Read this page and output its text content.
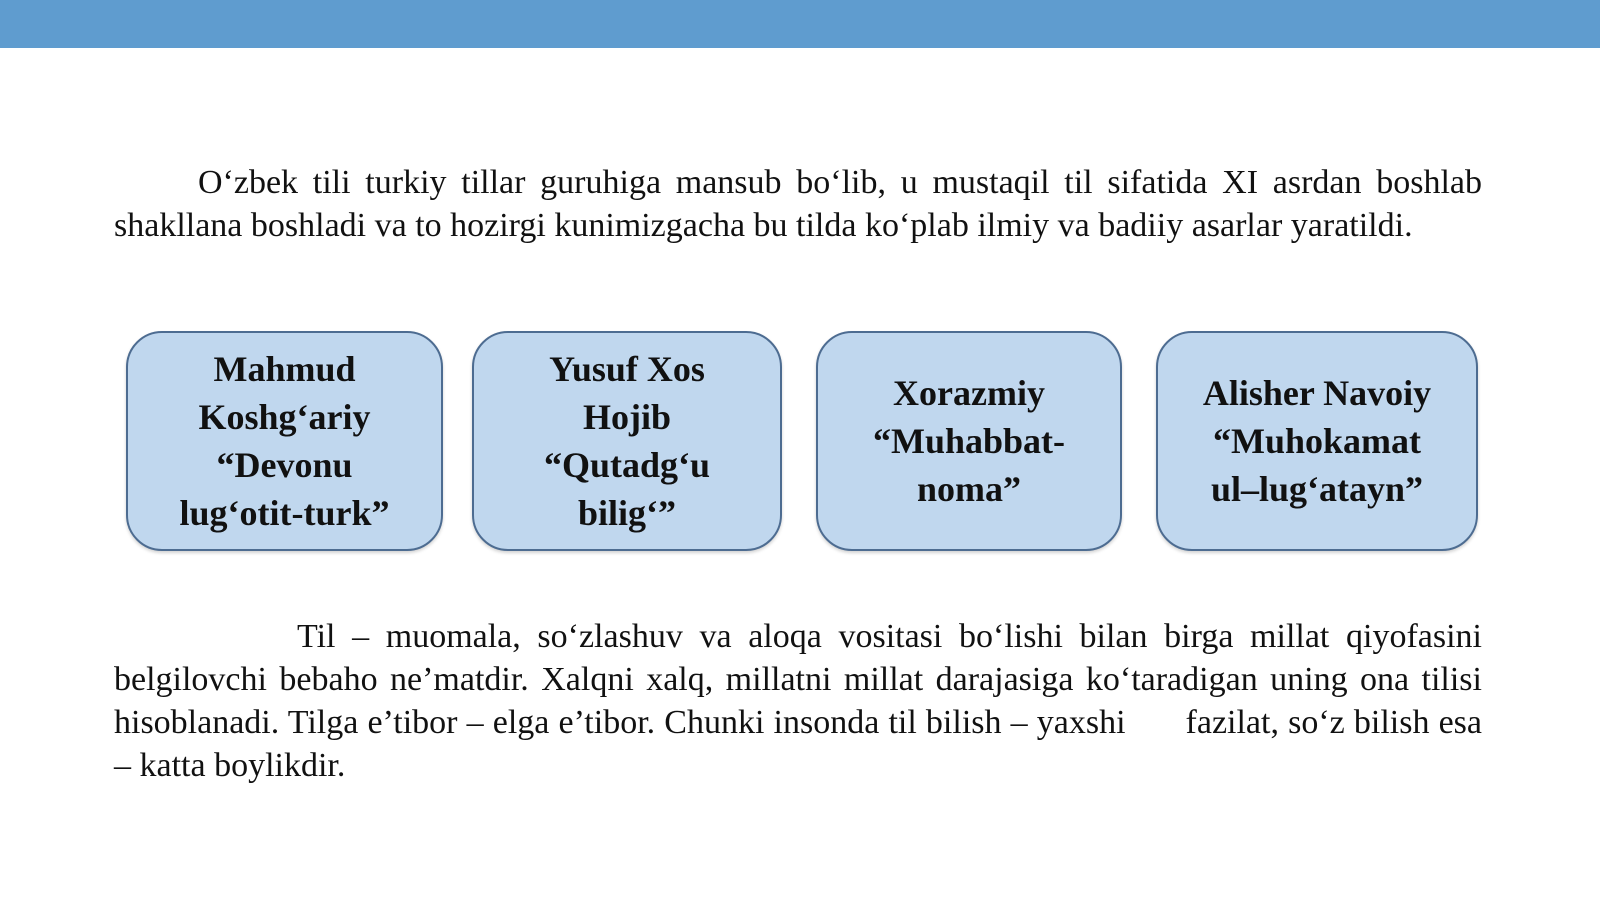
O‘zbek tili turkiy tillar guruhiga mansub bo‘lib, u mustaqil til sifatida XI asrdan boshlab shakllana boshladi va to hozirgi kunimizgacha bu tilda ko‘plab ilmiy va badiiy asarlar yaratildi.

Mahmud
Koshg‘ariy
“Devonu
lug‘otit-turk”
Yusuf Xos
Hojib
“Qutadg‘u
bilig‘”
Xorazmiy
“Muhabbat-
noma”
Alisher Navoiy
“Muhokamat
ul–lug‘atayn”

Til – muomala, so‘zlashuv va aloqa vositasi bo‘lishi bilan birga millat qiyofasini belgilovchi bebaho ne’matdir. Xalqni xalq, millatni millat darajasiga ko‘taradigan uning ona tilisi hisoblanadi. Tilga e’tibor – elga e’tibor. Chunki insonda til bilish – yaxshi fazilat, so‘z bilish esa – katta boylikdir.
